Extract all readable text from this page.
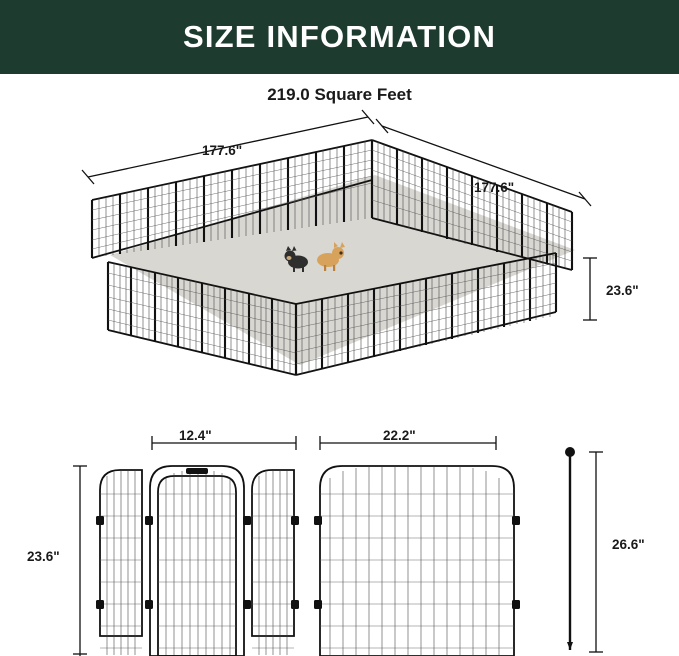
SIZE INFORMATION
219.0 Square Feet
177.6"
177.6"
23.6"
12.4"	22.2"
23.6"
26.6"
